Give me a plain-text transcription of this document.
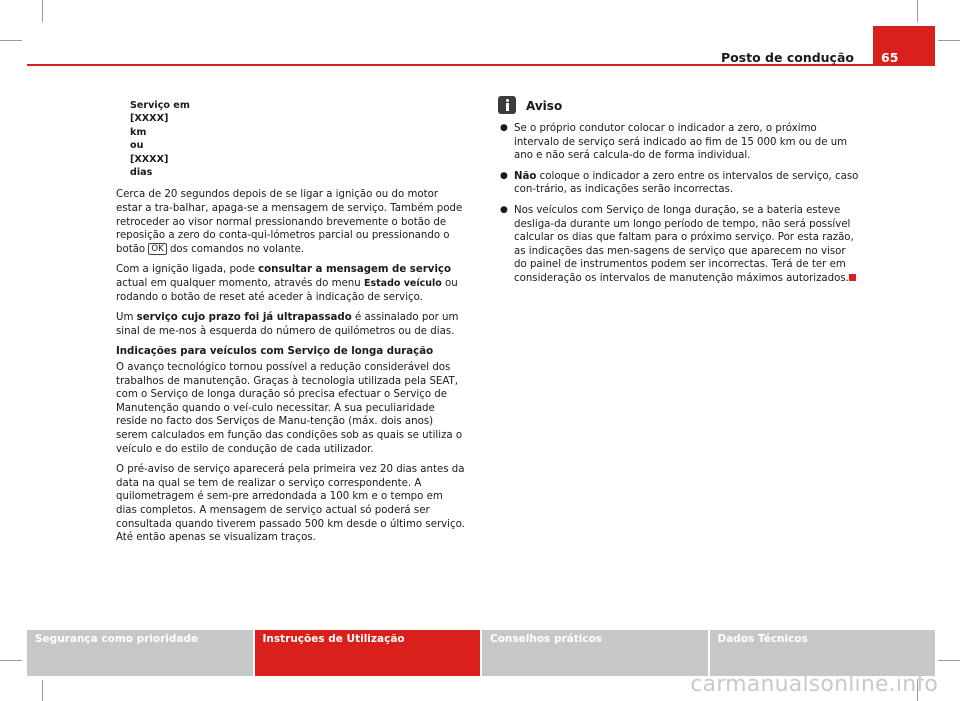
Posto de condução 65
Serviço em
[XXXX]
km
ou
[XXXX]
dias

Cerca de 20 segundos depois de se ligar a ignição ou do motor estar a tra-balhar, apaga-se a mensagem de serviço. Também pode retroceder ao visor normal pressionando brevemente o botão de reposição a zero do conta-qui-lómetros parcial ou pressionando o botão OK dos comandos no volante.

Com a ignição ligada, pode consultar a mensagem de serviço actual em qualquer momento, através do menu Estado veículo ou rodando o botão de reset até aceder à indicação de serviço.

Um serviço cujo prazo foi já ultrapassado é assinalado por um sinal de me-nos à esquerda do número de quilómetros ou de dias.

Indicações para veículos com Serviço de longa duração

O avanço tecnológico tornou possível a redução considerável dos trabalhos de manutenção. Graças à tecnologia utilizada pela SEAT, com o Serviço de longa duração só precisa efectuar o Serviço de Manutenção quando o veí-culo necessitar. A sua peculiaridade reside no facto dos Serviços de Manu-tenção (máx. dois anos) serem calculados em função das condições sob as quais se utiliza o veículo e do estilo de condução de cada utilizador.

O pré-aviso de serviço aparecerá pela primeira vez 20 dias antes da data na qual se tem de realizar o serviço correspondente. A quilometragem é sem-pre arredondada a 100 km e o tempo em dias completos. A mensagem de serviço actual só poderá ser consultada quando tiverem passado 500 km desde o último serviço. Até então apenas se visualizam traços.

Aviso
● Se o próprio condutor colocar o indicador a zero, o próximo intervalo de serviço será indicado ao fim de 15 000 km ou de um ano e não será calcula-do de forma individual.
● Não coloque o indicador a zero entre os intervalos de serviço, caso con-trário, as indicações serão incorrectas.
● Nos veículos com Serviço de longa duração, se a bateria esteve desliga-da durante um longo período de tempo, não será possível calcular os dias que faltam para o próximo serviço. Por esta razão, as indicações das men-sagens de serviço que aparecem no visor do painel de instrumentos podem ser incorrectas. Terá de ter em consideração os intervalos de manutenção máximos autorizados.
Segurança como prioridade	Instruções de Utilização	Conselhos práticos	Dados Técnicos
carmanualsonline.info
